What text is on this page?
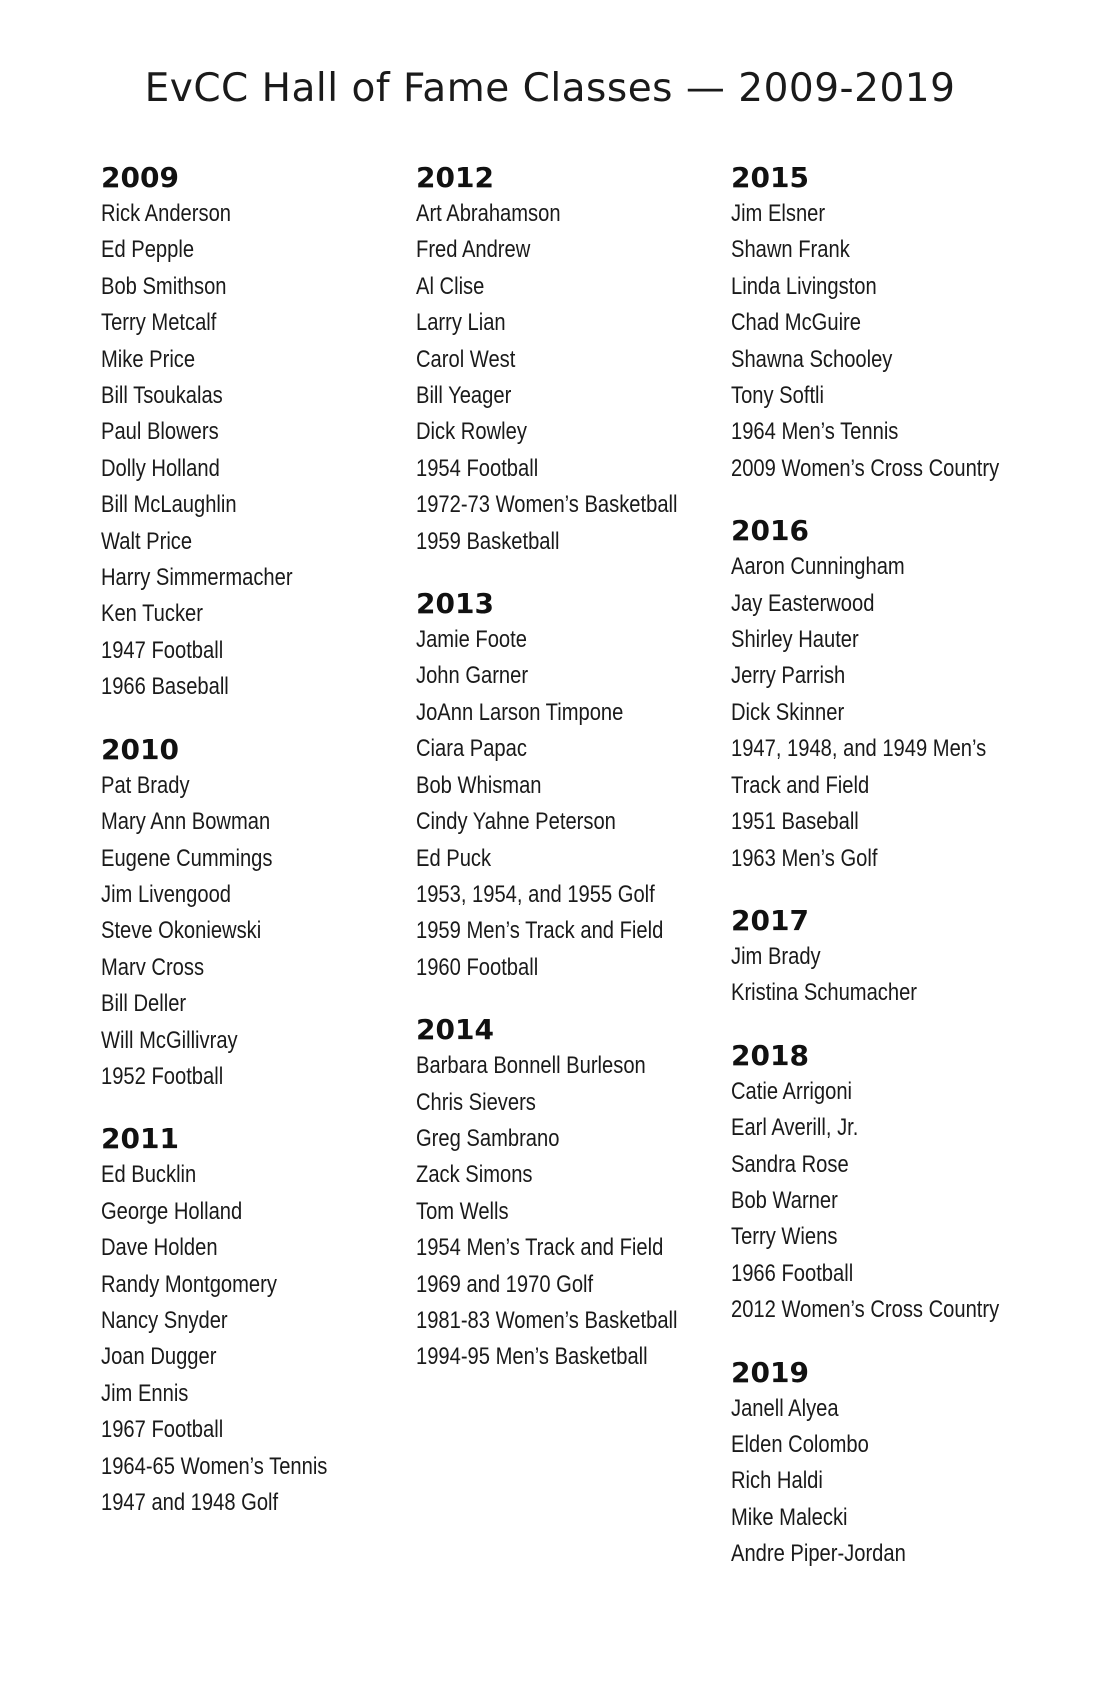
EvCC Hall of Fame Classes — 2009-2019
2009
Rick Anderson
Ed Pepple
Bob Smithson
Terry Metcalf
Mike Price
Bill Tsoukalas
Paul Blowers
Dolly Holland
Bill McLaughlin
Walt Price
Harry Simmermacher
Ken Tucker
1947 Football
1966 Baseball
2010
Pat Brady
Mary Ann Bowman
Eugene Cummings
Jim Livengood
Steve Okoniewski
Marv Cross
Bill Deller
Will McGillivray
1952 Football
2011
Ed Bucklin
George Holland
Dave Holden
Randy Montgomery
Nancy Snyder
Joan Dugger
Jim Ennis
1967 Football
1964-65 Women’s Tennis
1947 and 1948 Golf
2012
Art Abrahamson
Fred Andrew
Al Clise
Larry Lian
Carol West
Bill Yeager
Dick Rowley
1954 Football
1972-73 Women’s Basketball
1959 Basketball
2013
Jamie Foote
John Garner
JoAnn Larson Timpone
Ciara Papac
Bob Whisman
Cindy Yahne Peterson
Ed Puck
1953, 1954, and 1955 Golf
1959 Men’s Track and Field
1960 Football
2014
Barbara Bonnell Burleson
Chris Sievers
Greg Sambrano
Zack Simons
Tom Wells
1954 Men’s Track and Field
1969 and 1970 Golf
1981-83 Women’s Basketball
1994-95 Men’s Basketball
2015
Jim Elsner
Shawn Frank
Linda Livingston
Chad McGuire
Shawna Schooley
Tony Softli
1964 Men’s Tennis
2009 Women’s Cross Country
2016
Aaron Cunningham
Jay Easterwood
Shirley Hauter
Jerry Parrish
Dick Skinner
1947, 1948, and 1949 Men’s Track and Field
1951 Baseball
1963 Men’s Golf
2017
Jim Brady
Kristina Schumacher
2018
Catie Arrigoni
Earl Averill, Jr.
Sandra Rose
Bob Warner
Terry Wiens
1966 Football
2012 Women’s Cross Country
2019
Janell Alyea
Elden Colombo
Rich Haldi
Mike Malecki
Andre Piper-Jordan
